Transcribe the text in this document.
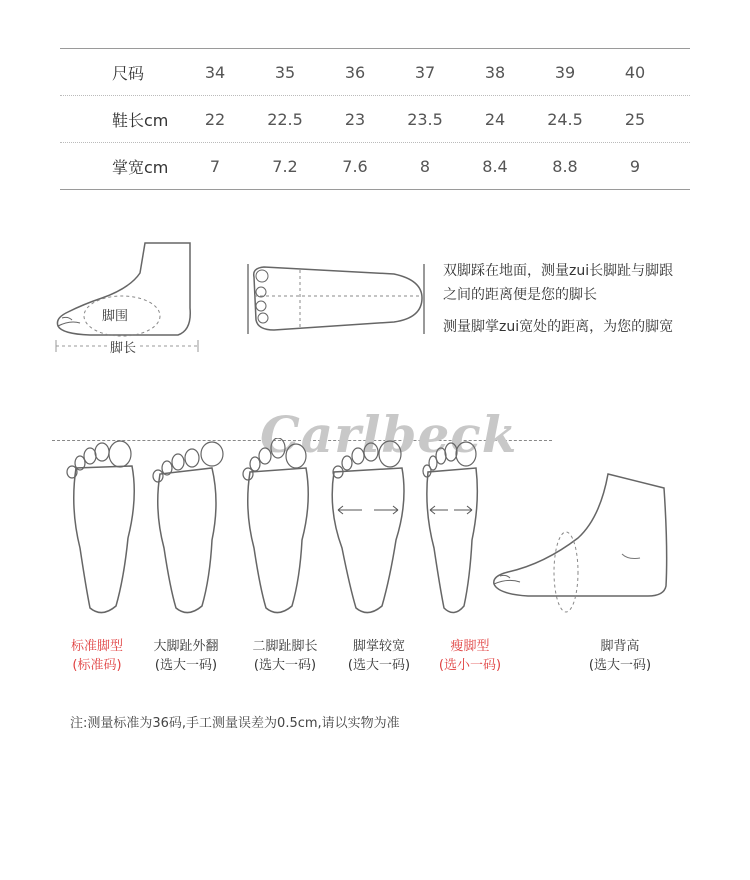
尺码	34	35	36	37	38	39	40
鞋长cm	22	22.5	23	23.5	24	24.5	25
掌宽cm	7	7.2	7.6	8	8.4	8.8	9
脚围
脚长
双脚踩在地面，测量zui长脚趾与脚跟
之间的距离便是您的脚长
测量脚掌zui宽处的距离，为您的脚宽
Carlbeck
标准脚型
(标准码)
大脚趾外翻
(选大一码)
二脚趾脚长
(选大一码)
脚掌较宽
(选大一码)
瘦脚型
(选小一码)
脚背高
(选大一码)
注:测量标准为36码,手工测量误差为0.5cm,请以实物为准
